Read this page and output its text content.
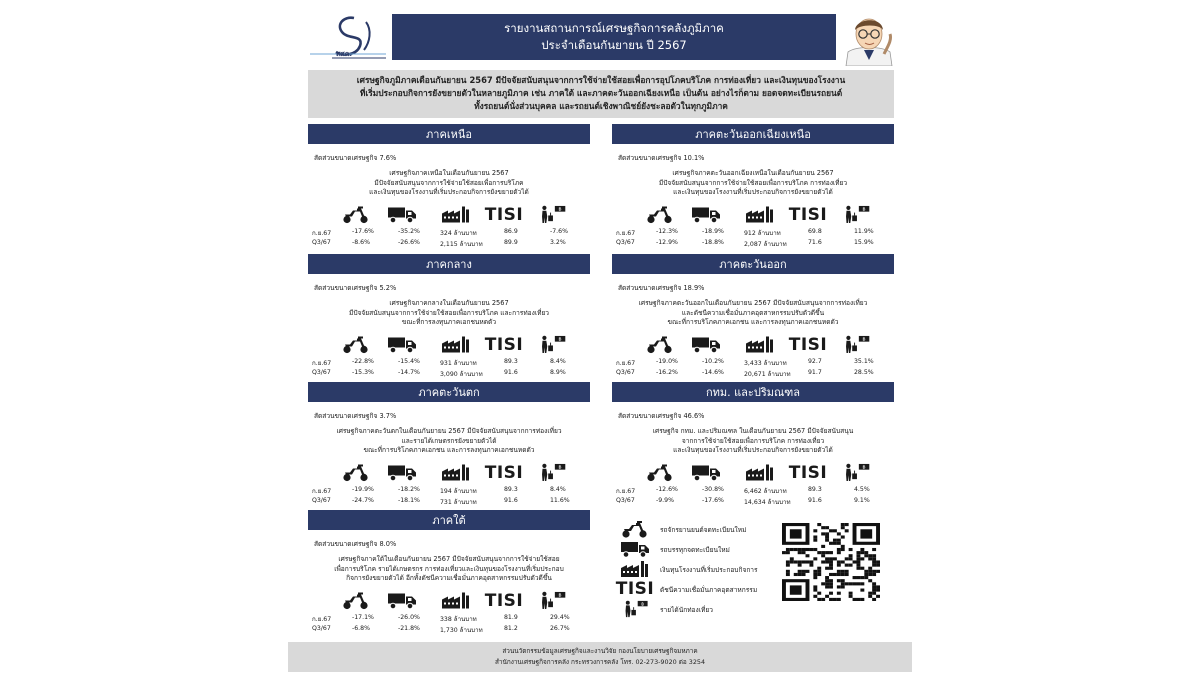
สศค.
รายงานสถานการณ์เศรษฐกิจการคลังภูมิภาค
ประจำเดือนกันยายน ปี 2567
เศรษฐกิจภูมิภาคเดือนกันยายน 2567 มีปัจจัยสนับสนุนจากการใช้จ่ายใช้สอยเพื่อการอุปโภคบริโภค การท่องเที่ยว และเงินทุนของโรงงาน
ที่เริ่มประกอบกิจการยังขยายตัวในหลายภูมิภาค เช่น ภาคใต้ และภาคตะวันออกเฉียงเหนือ เป็นต้น อย่างไรก็ตาม ยอดจดทะเบียนรถยนต์
ทั้งรถยนต์นั่งส่วนบุคคล และรถยนต์เชิงพาณิชย์ยังชะลอตัวในทุกภูมิภาค
ภาคเหนือ
สัดส่วนขนาดเศรษฐกิจ 7.6%
เศรษฐกิจภาคเหนือในเดือนกันยายน 2567
มีปัจจัยสนับสนุนจากการใช้จ่ายใช้สอยเพื่อการบริโภค
และเงินทุนของโรงงานที่เริ่มประกอบกิจการยังขยายตัวได้
TISI
ก.ย.67	-17.6%	-35.2%	324 ล้านบาท	86.9	-7.6%
Q3/67	-8.6%	-26.6%	2,115 ล้านบาท	89.9	3.2%
ภาคตะวันออกเฉียงเหนือ
สัดส่วนขนาดเศรษฐกิจ 10.1%
เศรษฐกิจภาคตะวันออกเฉียงเหนือในเดือนกันยายน 2567
มีปัจจัยสนับสนุนจากการใช้จ่ายใช้สอยเพื่อการบริโภค การท่องเที่ยว
และเงินทุนของโรงงานที่เริ่มประกอบกิจการยังขยายตัวได้
TISI
ก.ย.67	-12.3%	-18.9%	912 ล้านบาท	69.8	11.9%
Q3/67	-12.9%	-18.8%	2,087 ล้านบาท	71.6	15.9%
ภาคกลาง
สัดส่วนขนาดเศรษฐกิจ 5.2%
เศรษฐกิจภาคกลางในเดือนกันยายน 2567
มีปัจจัยสนับสนุนจากการใช้จ่ายใช้สอยเพื่อการบริโภค และการท่องเที่ยว
ขณะที่การลงทุนภาคเอกชนหดตัว
TISI
ก.ย.67	-22.8%	-15.4%	931 ล้านบาท	89.3	8.4%
Q3/67	-15.3%	-14.7%	3,090 ล้านบาท	91.6	8.9%
ภาคตะวันออก
สัดส่วนขนาดเศรษฐกิจ 18.9%
เศรษฐกิจภาคตะวันออกในเดือนกันยายน 2567 มีปัจจัยสนับสนุนจากการท่องเที่ยว
และดัชนีความเชื่อมั่นภาคอุตสาหกรรมปรับตัวดีขึ้น
ขณะที่การบริโภคภาคเอกชน และการลงทุนภาคเอกชนหดตัว
TISI
ก.ย.67	-19.0%	-10.2%	3,433 ล้านบาท	92.7	35.1%
Q3/67	-16.2%	-14.6%	20,671 ล้านบาท	91.7	28.5%
ภาคตะวันตก
สัดส่วนขนาดเศรษฐกิจ 3.7%
เศรษฐกิจภาคตะวันตกในเดือนกันยายน 2567 มีปัจจัยสนับสนุนจากการท่องเที่ยว
และรายได้เกษตรกรยังขยายตัวได้
ขณะที่การบริโภคภาคเอกชน และการลงทุนภาคเอกชนหดตัว
TISI
ก.ย.67	-19.9%	-18.2%	194 ล้านบาท	89.3	8.4%
Q3/67	-24.7%	-18.1%	731 ล้านบาท	91.6	11.6%
กทม. และปริมณฑล
สัดส่วนขนาดเศรษฐกิจ 46.6%
เศรษฐกิจ กทม. และปริมณฑล ในเดือนกันยายน 2567 มีปัจจัยสนับสนุน
จากการใช้จ่ายใช้สอยเพื่อการบริโภค การท่องเที่ยว
และเงินทุนของโรงงานที่เริ่มประกอบกิจการยังขยายตัวได้
TISI
ก.ย.67	-12.6%	-30.8%	6,462 ล้านบาท	89.3	4.5%
Q3/67	-9.9%	-17.6%	14,634 ล้านบาท	91.6	9.1%
ภาคใต้
สัดส่วนขนาดเศรษฐกิจ 8.0%
เศรษฐกิจภาคใต้ในเดือนกันยายน 2567 มีปัจจัยสนับสนุนจากการใช้จ่ายใช้สอย
เพื่อการบริโภค รายได้เกษตรกร การท่องเที่ยวและเงินทุนของโรงงานที่เริ่มประกอบ
กิจการยังขยายตัวได้ อีกทั้งดัชนีความเชื่อมั่นภาคอุตสาหกรรมปรับตัวดีขึ้น
TISI
ก.ย.67	-17.1%	-26.0%	338 ล้านบาท	81.9	29.4%
Q3/67	-6.8%	-21.8%	1,730 ล้านบาท	81.2	26.7%
รถจักรยานยนต์จดทะเบียนใหม่
รถบรรทุกจดทะเบียนใหม่
เงินทุนโรงงานที่เริ่มประกอบกิจการ
TISI ดัชนีความเชื่อมั่นภาคอุตสาหกรรม
รายได้นักท่องเที่ยว
ส่วนนวัตกรรมข้อมูลเศรษฐกิจและงานวิจัย กองนโยบายเศรษฐกิจมหภาค
สำนักงานเศรษฐกิจการคลัง กระทรวงการคลัง โทร. 02-273-9020 ต่อ 3254
